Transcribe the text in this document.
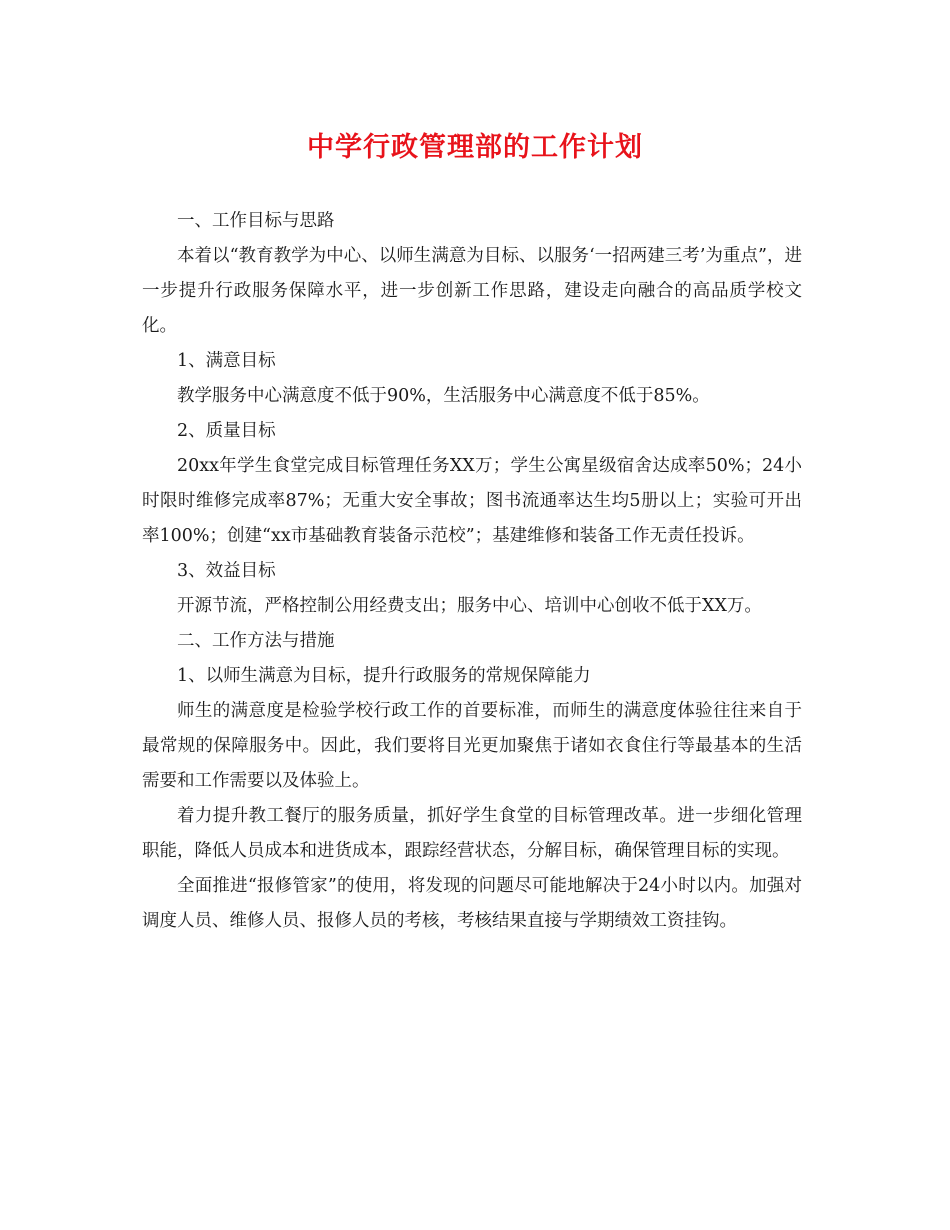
中学行政管理部的工作计划

一、工作目标与思路

本着以“教育教学为中心、以师生满意为目标、以服务‘一招两建三考’为重点”，进一步提升行政服务保障水平，进一步创新工作思路，建设走向融合的高品质学校文化。

1、满意目标

教学服务中心满意度不低于90%，生活服务中心满意度不低于85%。

2、质量目标

20xx年学生食堂完成目标管理任务XX万；学生公寓星级宿舍达成率50%；24小时限时维修完成率87%；无重大安全事故；图书流通率达生均5册以上；实验可开出率100%；创建“xx市基础教育装备示范校”；基建维修和装备工作无责任投诉。

3、效益目标

开源节流，严格控制公用经费支出；服务中心、培训中心创收不低于XX万。

二、工作方法与措施

1、以师生满意为目标，提升行政服务的常规保障能力

师生的满意度是检验学校行政工作的首要标准，而师生的满意度体验往往来自于最常规的保障服务中。因此，我们要将目光更加聚焦于诸如衣食住行等最基本的生活需要和工作需要以及体验上。

着力提升教工餐厅的服务质量，抓好学生食堂的目标管理改革。进一步细化管理职能，降低人员成本和进货成本，跟踪经营状态，分解目标，确保管理目标的实现。

全面推进“报修管家”的使用，将发现的问题尽可能地解决于24小时以内。加强对调度人员、维修人员、报修人员的考核，考核结果直接与学期绩效工资挂钩。
